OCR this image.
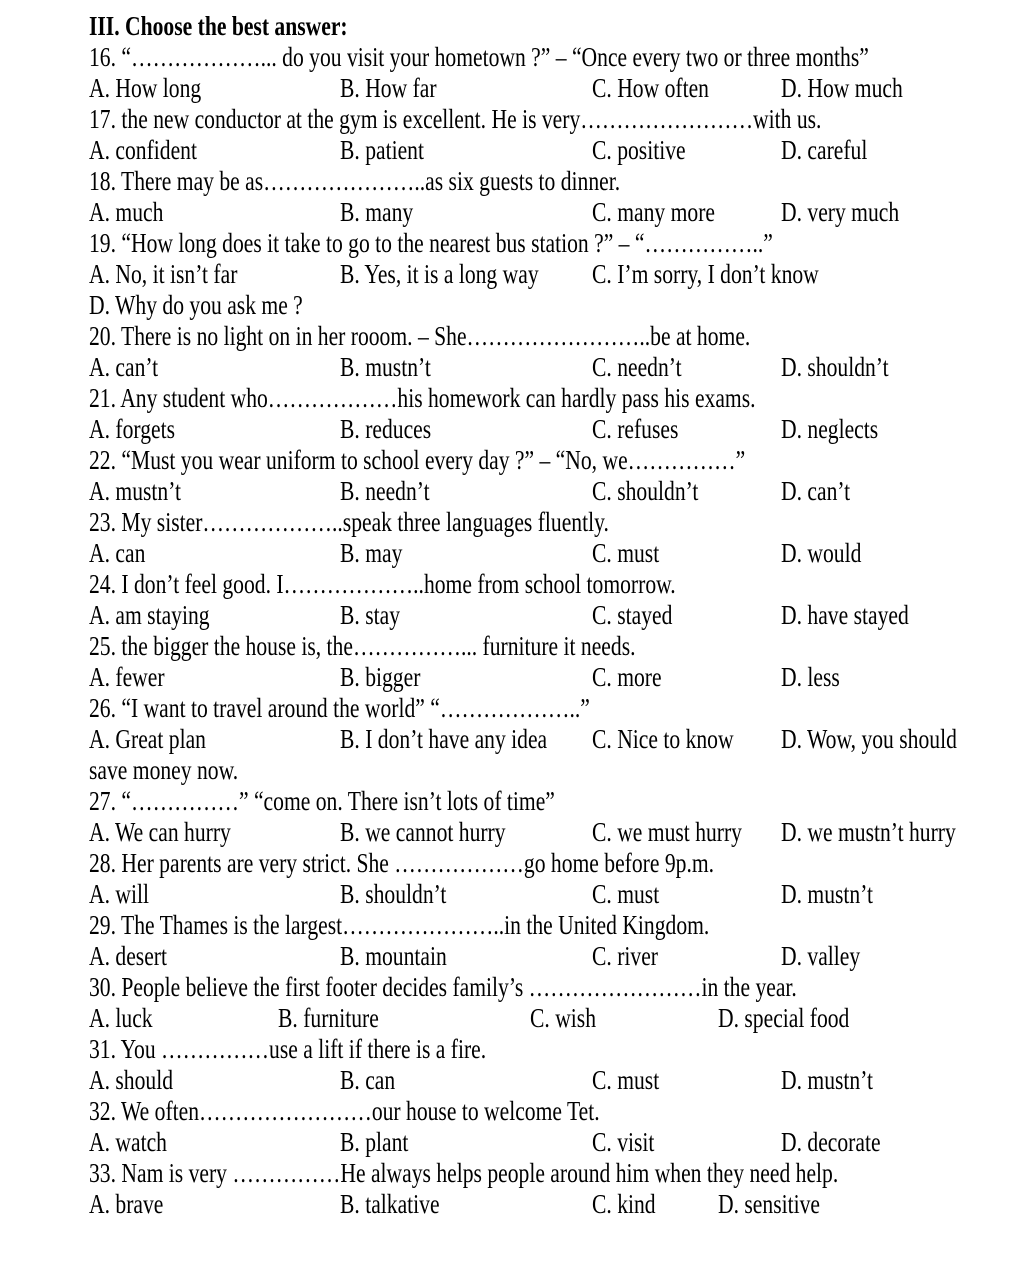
III. Choose the best answer:
16. “………………... do you visit your hometown ?” – “Once every two or three months”
A. How long	B. How far	C. How often	D. How much
17. the new conductor at the gym is excellent. He is very……………………with us.
A. confident	B. patient	C. positive	D. careful
18. There may be as…………………..as six guests to dinner.
A. much	B. many	C. many more D. very much
19. “How long does it take to go to the nearest bus station ?” – “……………..”
A. No, it isn’t far	B. Yes, it is a long way C. I’m sorry, I don’t know
D. Why do you ask me ?
20. There is no light on in her rooom. – She……………………..be at home.
A. can’t	B. mustn’t	C. needn’t	D. shouldn’t
21. Any student who………………his homework can hardly pass his exams.
A. forgets	B. reduces	C. refuses	D. neglects
22. “Must you wear uniform to school every day ?” – “No, we……………”
A. mustn’t	B. needn’t	C. shouldn’t	D. can’t
23. My sister………………..speak three languages fluently.
A. can	B. may	C. must	D. would
24. I don’t feel good. I………………..home from school tomorrow.
A. am staying	B. stay	C. stayed	D. have stayed
25. the bigger the house is, the……………... furniture it needs.
A. fewer	B. bigger	C. more	D. less
26. “I want to travel around the world” “………………..”
A. Great plan	B. I don’t have any idea C. Nice to know D. Wow, you should
save money now.
27. “……………” “come on. There isn’t lots of time”
A. We can hurry	B. we cannot hurry	C. we must hurry D. we mustn’t hurry
28. Her parents are very strict. She ………………go home before 9p.m.
A. will	B. shouldn’t	C. must	D. mustn’t
29. The Thames is the largest…………………..in the United Kingdom.
A. desert	B. mountain	C. river	D. valley
30. People believe the first footer decides family’s ……………………in the year.
A. luck	B. furniture	C. wish	D. special food
31. You ……………use a lift if there is a fire.
A. should	B. can	C. must	D. mustn’t
32. We often……………………our house to welcome Tet.
A. watch	B. plant	C. visit	D. decorate
33. Nam is very ……………He always helps people around him when they need help.
A. brave	B. talkative	C. kind D. sensitive
